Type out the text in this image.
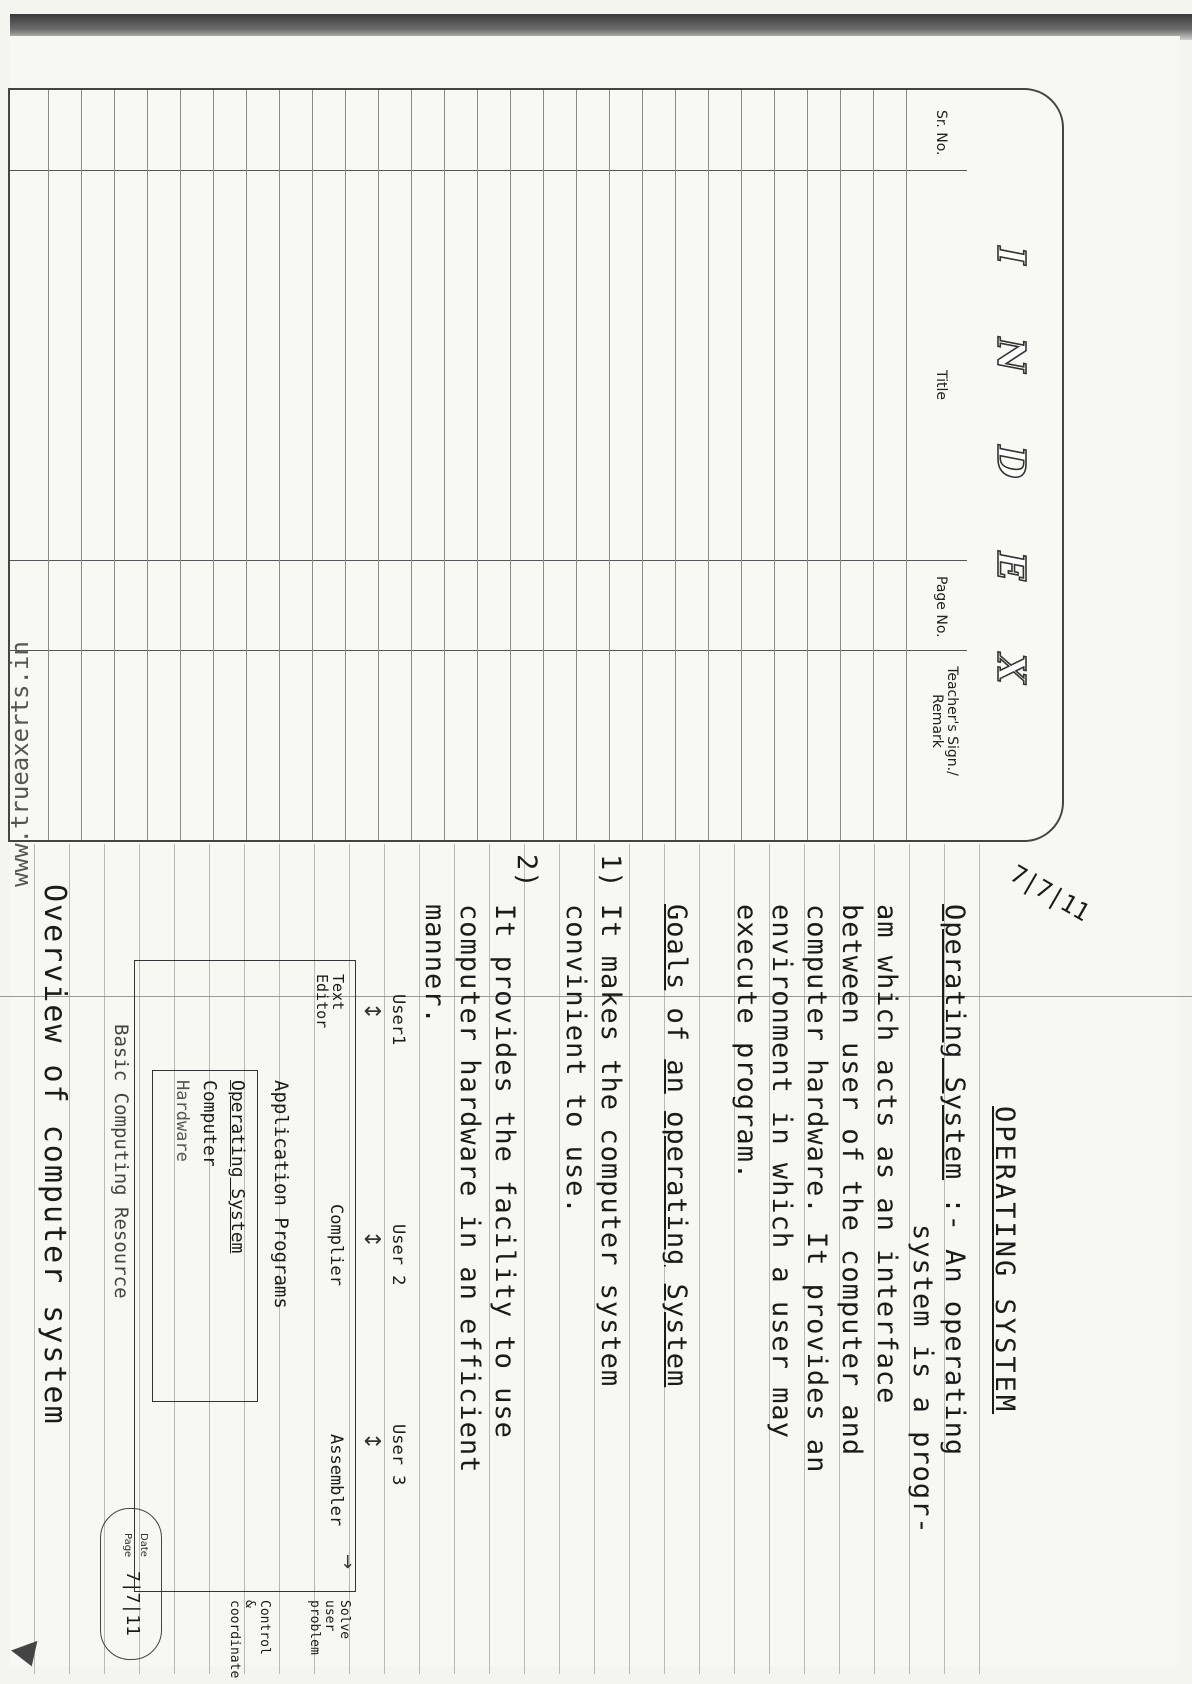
I
N
D
E
X
Sr. No.
Title
Page No.
Teacher's Sign./ Remark
Date
Page
7|7|11
7|7|11
OPERATING SYSTEM
Operating System :- An operating
system is a progr-
am which acts as an interface
between user of the computer and
computer hardware. It provides an
environment in which a user may
execute program.
Goals of an operating System
1)
It makes the computer system
convinient to use.
2)
It provides the facility to use
computer hardware in an efficient
manner.
User1
User 2
User 3
↕
↕
↕
Text Editor
Complier
Assembler
Application Programs
Operating System
Computer
Hardware
Basic Computing Resource
Solve user problem
Control & coordinate
→
Overview of computer system
www.trueaxerts.in
